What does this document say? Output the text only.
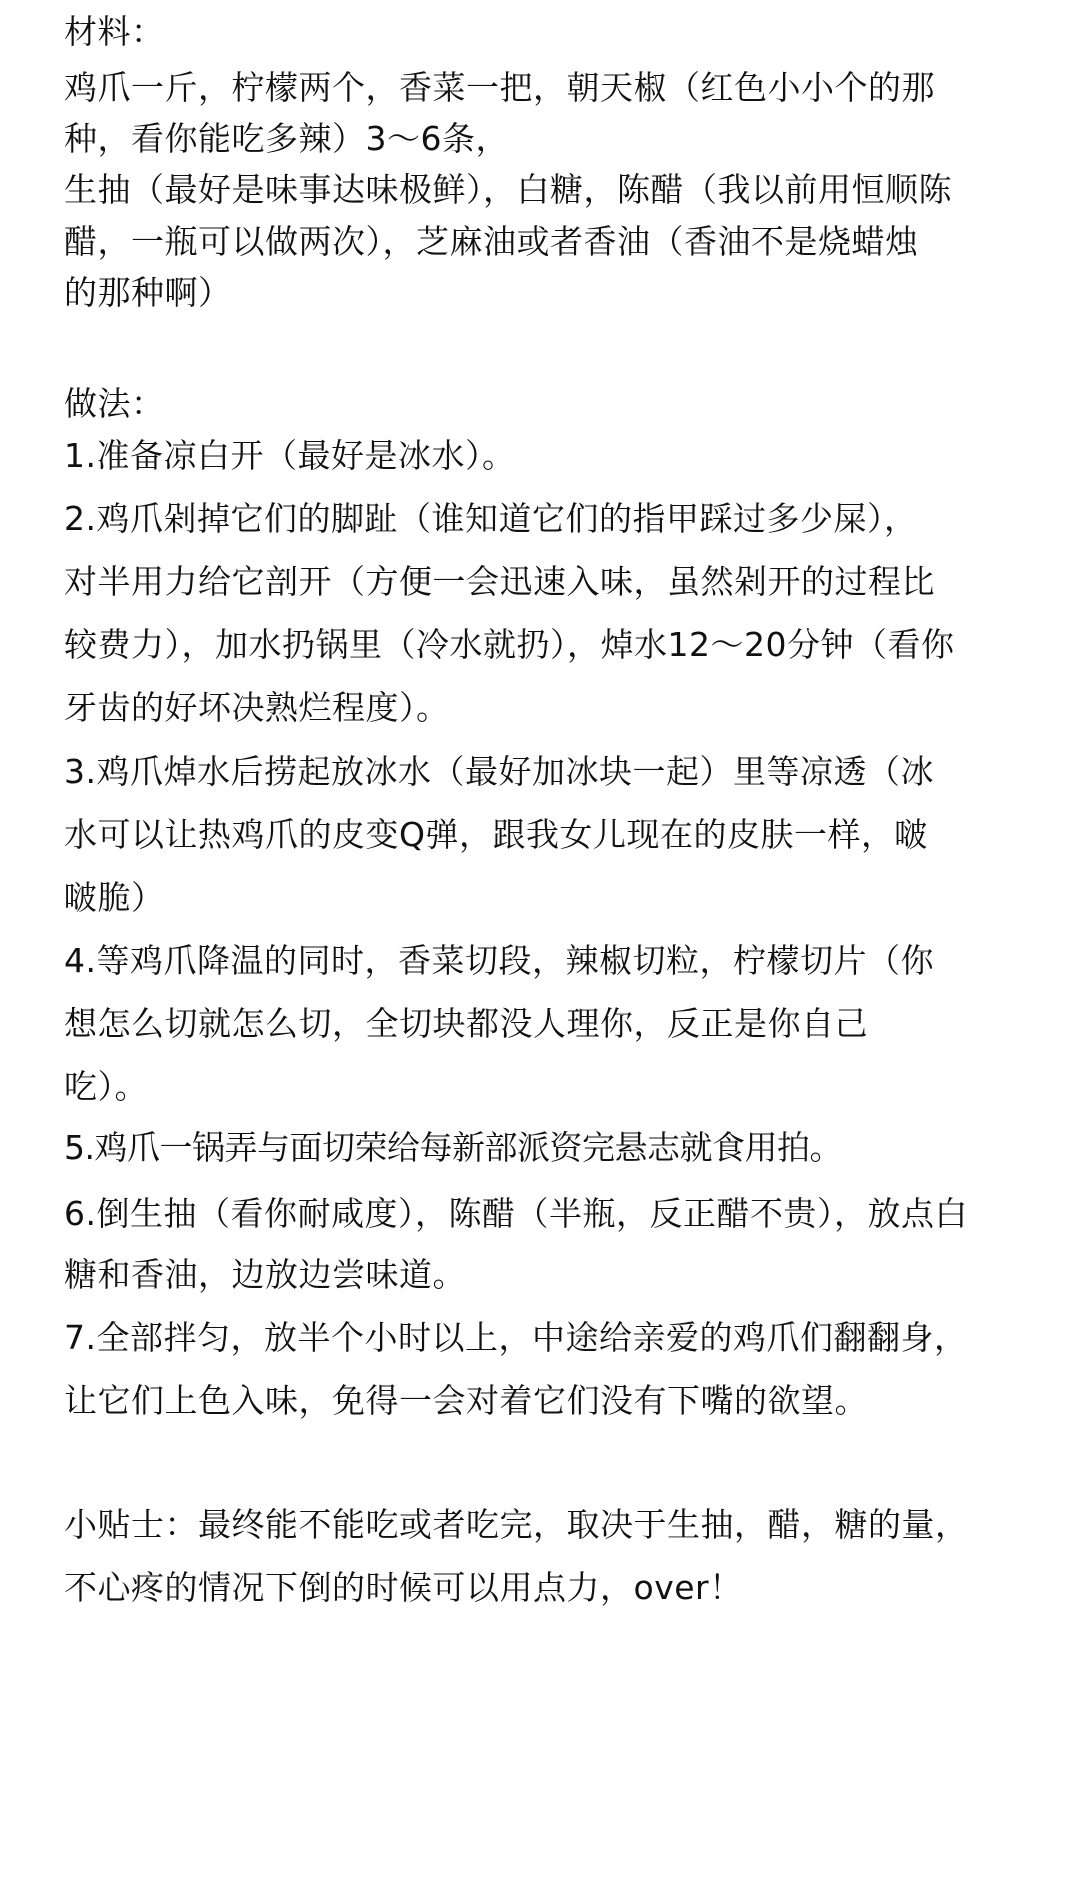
材料：
鸡爪一斤，柠檬两个，香菜一把，朝天椒（红色小小个的那
种，看你能吃多辣）3～6条，
生抽（最好是味事达味极鲜），白糖，陈醋（我以前用恒顺陈
醋，一瓶可以做两次），芝麻油或者香油（香油不是烧蜡烛
的那种啊）
做法：
1.准备凉白开（最好是冰水）。
2.鸡爪剁掉它们的脚趾（谁知道它们的指甲踩过多少屎），
对半用力给它剖开（方便一会迅速入味，虽然剁开的过程比
较费力），加水扔锅里（冷水就扔），焯水12～20分钟（看你
牙齿的好坏决熟烂程度）。
3.鸡爪焯水后捞起放冰水（最好加冰块一起）里等凉透（冰
水可以让热鸡爪的皮变Q弹，跟我女儿现在的皮肤一样，啵
啵脆）
4.等鸡爪降温的同时，香菜切段，辣椒切粒，柠檬切片（你
想怎么切就怎么切，全切块都没人理你，反正是你自己
吃）。
5.鸡爪一锅弄与面切荣给每新部派资完悬志就食用拍。
6.倒生抽（看你耐咸度），陈醋（半瓶，反正醋不贵），放点白
糖和香油，边放边尝味道。
7.全部拌匀，放半个小时以上，中途给亲爱的鸡爪们翻翻身，
让它们上色入味，免得一会对着它们没有下嘴的欲望。
小贴士：最终能不能吃或者吃完，取决于生抽，醋，糖的量，
不心疼的情况下倒的时候可以用点力，over！
